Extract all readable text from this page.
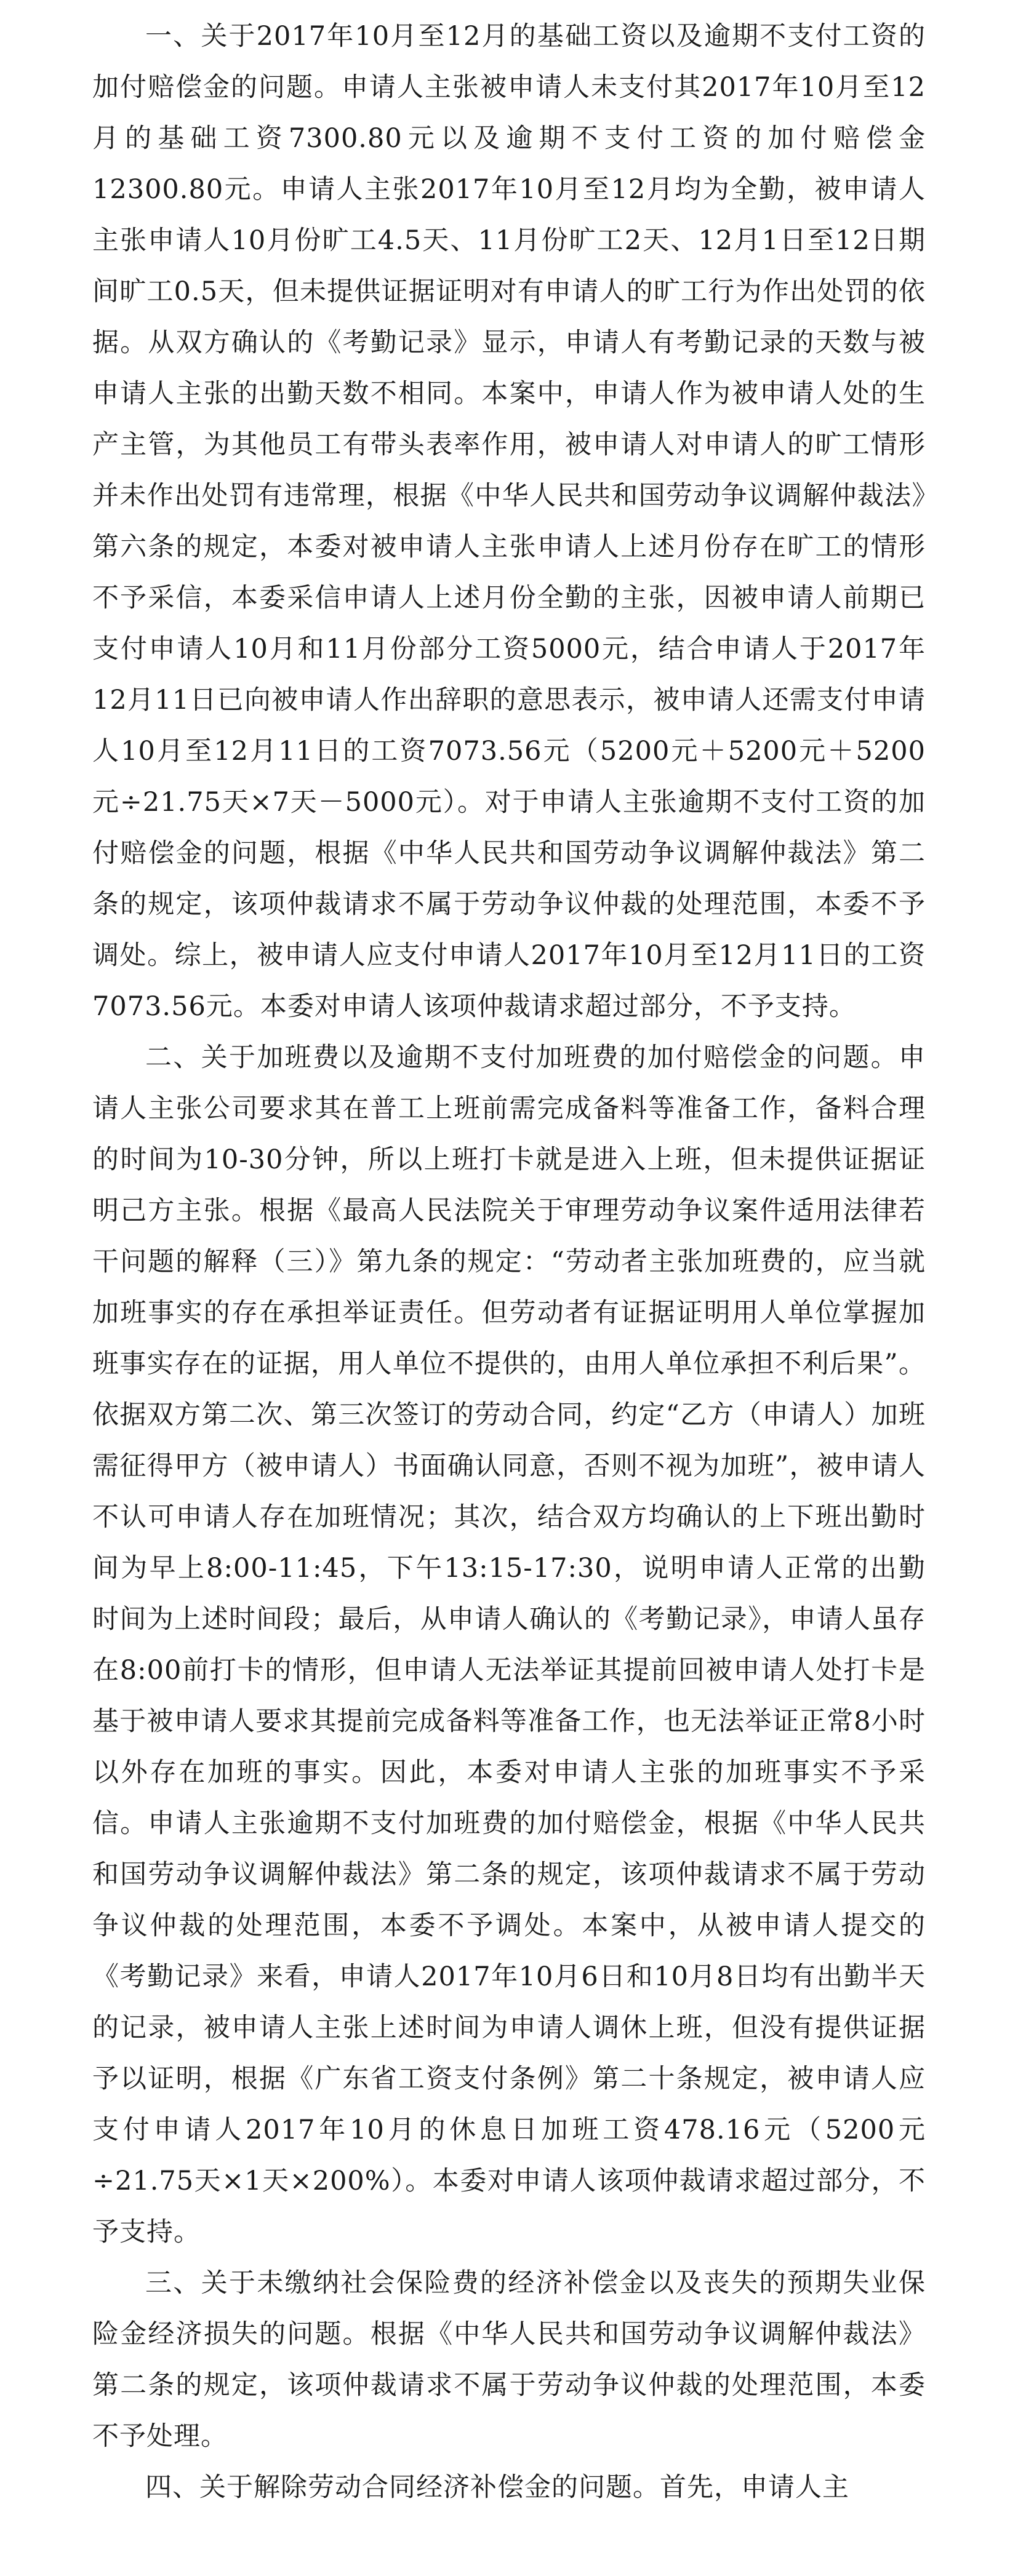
一、关于2017年10月至12月的基础工资以及逾期不支付工资的加付赔偿金的问题。申请人主张被申请人未支付其2017年10月至12月的基础工资7300.80元以及逾期不支付工资的加付赔偿金12300.80元。申请人主张2017年10月至12月均为全勤，被申请人主张申请人10月份旷工4.5天、11月份旷工2天、12月1日至12日期间旷工0.5天，但未提供证据证明对有申请人的旷工行为作出处罚的依据。从双方确认的《考勤记录》显示，申请人有考勤记录的天数与被申请人主张的出勤天数不相同。本案中，申请人作为被申请人处的生产主管，为其他员工有带头表率作用，被申请人对申请人的旷工情形并未作出处罚有违常理，根据《中华人民共和国劳动争议调解仲裁法》第六条的规定，本委对被申请人主张申请人上述月份存在旷工的情形不予采信，本委采信申请人上述月份全勤的主张，因被申请人前期已支付申请人10月和11月份部分工资5000元，结合申请人于2017年12月11日已向被申请人作出辞职的意思表示，被申请人还需支付申请人10月至12月11日的工资7073.56元（5200元＋5200元＋5200元÷21.75天×7天－5000元）。对于申请人主张逾期不支付工资的加付赔偿金的问题，根据《中华人民共和国劳动争议调解仲裁法》第二条的规定，该项仲裁请求不属于劳动争议仲裁的处理范围，本委不予调处。综上，被申请人应支付申请人2017年10月至12月11日的工资7073.56元。本委对申请人该项仲裁请求超过部分，不予支持。

二、关于加班费以及逾期不支付加班费的加付赔偿金的问题。申请人主张公司要求其在普工上班前需完成备料等准备工作，备料合理的时间为10-30分钟，所以上班打卡就是进入上班，但未提供证据证明己方主张。根据《最高人民法院关于审理劳动争议案件适用法律若干问题的解释（三）》第九条的规定：“劳动者主张加班费的，应当就加班事实的存在承担举证责任。但劳动者有证据证明用人单位掌握加班事实存在的证据，用人单位不提供的，由用人单位承担不利后果”。依据双方第二次、第三次签订的劳动合同，约定“乙方（申请人）加班需征得甲方（被申请人）书面确认同意，否则不视为加班”，被申请人不认可申请人存在加班情况；其次，结合双方均确认的上下班出勤时间为早上8:00-11:45，下午13:15-17:30，说明申请人正常的出勤时间为上述时间段；最后，从申请人确认的《考勤记录》，申请人虽存在8:00前打卡的情形，但申请人无法举证其提前回被申请人处打卡是基于被申请人要求其提前完成备料等准备工作，也无法举证正常8小时以外存在加班的事实。因此，本委对申请人主张的加班事实不予采信。申请人主张逾期不支付加班费的加付赔偿金，根据《中华人民共和国劳动争议调解仲裁法》第二条的规定，该项仲裁请求不属于劳动争议仲裁的处理范围，本委不予调处。本案中，从被申请人提交的《考勤记录》来看，申请人2017年10月6日和10月8日均有出勤半天的记录，被申请人主张上述时间为申请人调休上班，但没有提供证据予以证明，根据《广东省工资支付条例》第二十条规定，被申请人应支付申请人2017年10月的休息日加班工资478.16元（5200元÷21.75天×1天×200%）。本委对申请人该项仲裁请求超过部分，不予支持。

三、关于未缴纳社会保险费的经济补偿金以及丧失的预期失业保险金经济损失的问题。根据《中华人民共和国劳动争议调解仲裁法》第二条的规定，该项仲裁请求不属于劳动争议仲裁的处理范围，本委不予处理。

四、关于解除劳动合同经济补偿金的问题。首先，申请人主
